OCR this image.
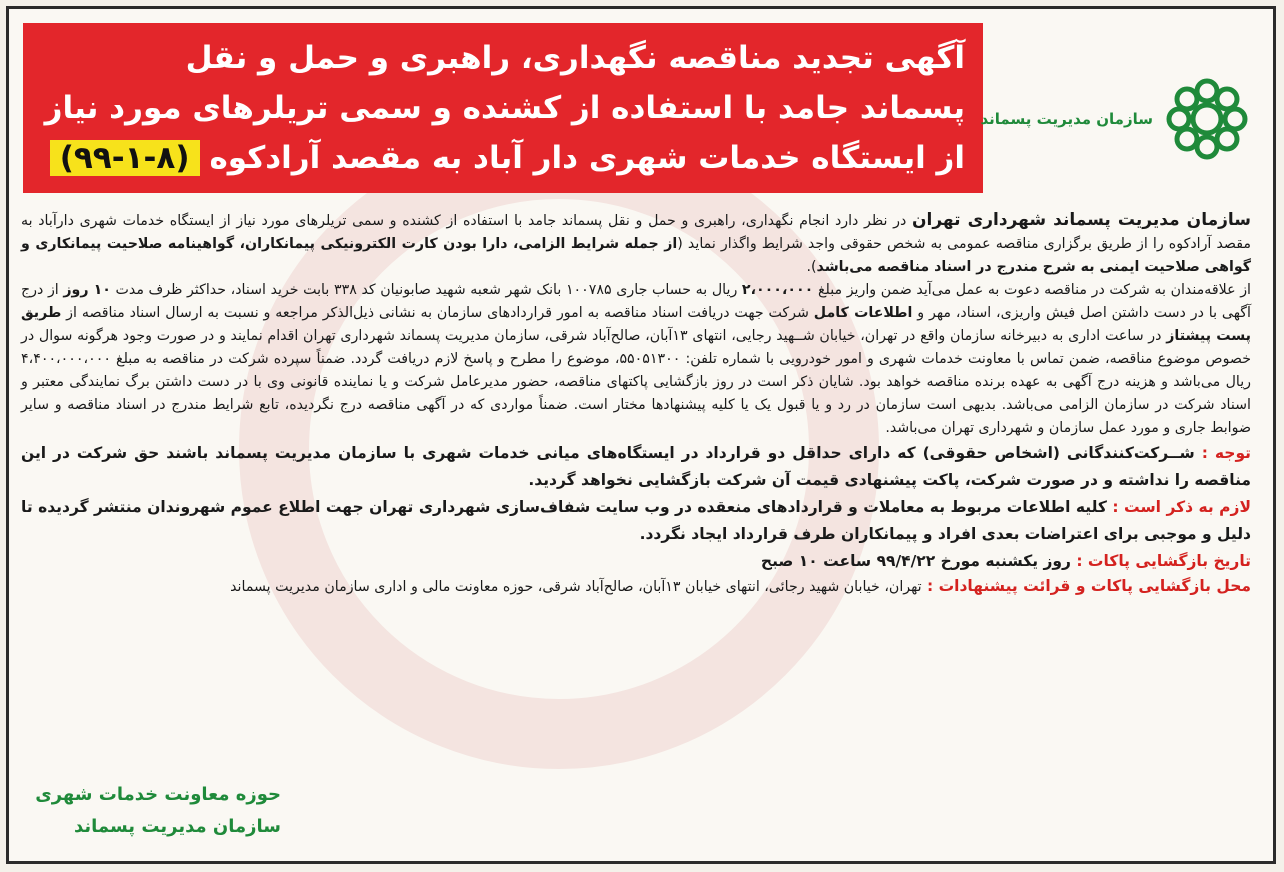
آگهی تجدید مناقصه نگهداری، راهبری و حمل و نقل
پسماند جامد با استفاده از کشنده و سمی تریلرهای مورد نیاز
از ایستگاه خدمات شهری دار آباد به مقصد آرادکوه(۸-۱-۹۹)
سازمان مدیریت پسماند

سازمان مدیریت پسماند شهرداری تهران در نظر دارد انجام نگهداری، راهبری و حمل و نقل پسماند جامد با استفاده از کشنده و سمی تریلرهای مورد نیاز از ایستگاه خدمات شهری دارآباد به مقصد آرادکوه را از طریق برگزاری مناقصه عمومی به شخص حقوقی واجد شرایط واگذار نماید (از جمله شرایط الزامی، دارا بودن کارت الکترونیکی پیمانکاران، گواهینامه صلاحیت پیمانکاری و گواهی صلاحیت ایمنی به شرح مندرج در اسناد مناقصه می‌باشد).

از علاقه‌مندان به شرکت در مناقصه دعوت به عمل می‌آید ضمن واریز مبلغ ۲،۰۰۰،۰۰۰ ریال به حساب جاری ۱۰۰۷۸۵ بانک شهر شعبه شهید صابونیان کد ۳۳۸ بابت خرید اسناد، حداکثر ظرف مدت ۱۰ روز از درج آگهی با در دست داشتن اصل فیش واریزی، اسناد، مهر و اطلاعات کامل شرکت جهت دریافت اسناد مناقصه به امور قراردادهای سازمان به نشانی ذیل‌الذکر مراجعه و نسبت به ارسال اسناد مناقصه از طریق پست پیشتاز در ساعت اداری به دبیرخانه سازمان واقع در تهران، خیابان شــهید رجایی، انتهای ۱۳آبان، صالح‌آباد شرقی، سازمان مدیریت پسماند شهرداری تهران اقدام نمایند و در صورت وجود هرگونه سوال در خصوص موضوع مناقصه، ضمن تماس با معاونت خدمات شهری و امور خودرویی با شماره تلفن: ۵۵۰۵۱۳۰۰، موضوع را مطرح و پاسخ لازم دریافت گردد. ضمناً سپرده شرکت در مناقصه به مبلغ ۴،۴۰۰،۰۰۰،۰۰۰ ریال می‌باشد و هزینه درج آگهی به عهده برنده مناقصه خواهد بود. شایان ذکر است در روز بازگشایی پاکتهای مناقصه، حضور مدیرعامل شرکت و یا نماینده قانونی وی با در دست داشتن برگ نمایندگی معتبر و اسناد شرکت در سازمان الزامی می‌باشد. بدیهی است سازمان در رد و یا قبول یک یا کلیه پیشنهادها مختار است. ضمناً مواردی که در آگهی مناقصه درج نگردیده، تابع شرایط مندرج در اسناد مناقصه و سایر ضوابط جاری و مورد عمل سازمان و شهرداری تهران می‌باشد.

توجه : شــرکت‌کنندگانی (اشخاص حقوقی) که دارای حداقل دو قرارداد در ایستگاه‌های میانی خدمات شهری با سازمان مدیریت پسماند باشند حق شرکت در این مناقصه را نداشته و در صورت شرکت، پاکت پیشنهادی قیمت آن شرکت بازگشایی نخواهد گردید.

لازم به ذکر است : کلیه اطلاعات مربوط به معاملات و قراردادهای منعقده در وب سایت شفاف‌سازی شهرداری تهران جهت اطلاع عموم شهروندان منتشر گردیده تا دلیل و موجبی برای اعتراضات بعدی افراد و پیمانکاران طرف قرارداد ایجاد نگردد.

تاریخ بازگشایی پاکات : روز یکشنبه مورخ ۹۹/۴/۲۲ ساعت ۱۰ صبح

محل بازگشایی پاکات و قرائت پیشنهادات : تهران، خیابان شهید رجائی، انتهای خیابان ۱۳آبان، صالح‌آباد شرقی، حوزه معاونت مالی و اداری سازمان مدیریت پسماند

حوزه معاونت خدمات شهری
سازمان مدیریت پسماند
